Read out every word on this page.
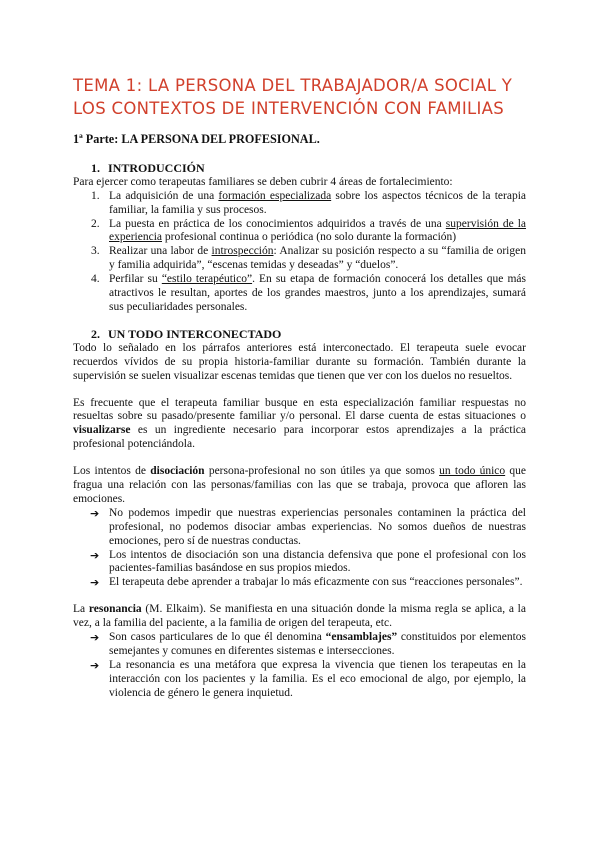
TEMA 1: LA PERSONA DEL TRABAJADOR/A SOCIAL Y LOS CONTEXTOS DE INTERVENCIÓN CON FAMILIAS
1ª Parte: LA PERSONA DEL PROFESIONAL.
1. INTRODUCCIÓN

Para ejercer como terapeutas familiares se deben cubrir 4 áreas de fortalecimiento:

1. La adquisición de una formación especializada sobre los aspectos técnicos de la terapia familiar, la familia y sus procesos.
2. La puesta en práctica de los conocimientos adquiridos a través de una supervisión de la experiencia profesional continua o periódica (no solo durante la formación)
3. Realizar una labor de introspección: Analizar su posición respecto a su “familia de origen y familia adquirida”, “escenas temidas y deseadas” y “duelos”.
4. Perfilar su “estilo terapéutico”. En su etapa de formación conocerá los detalles que más atractivos le resultan, aportes de los grandes maestros, junto a los aprendizajes, sumará sus peculiaridades personales.
2. UN TODO INTERCONECTADO

Todo lo señalado en los párrafos anteriores está interconectado. El terapeuta suele evocar recuerdos vívidos de su propia historia-familiar durante su formación. También durante la supervisión se suelen visualizar escenas temidas que tienen que ver con los duelos no resueltos.

Es frecuente que el terapeuta familiar busque en esta especialización familiar respuestas no resueltas sobre su pasado/presente familiar y/o personal. El darse cuenta de estas situaciones o visualizarse es un ingrediente necesario para incorporar estos aprendizajes a la práctica profesional potenciándola.

Los intentos de disociación persona-profesional no son útiles ya que somos un todo único que fragua una relación con las personas/familias con las que se trabaja, provoca que afloren las emociones.

➔ No podemos impedir que nuestras experiencias personales contaminen la práctica del profesional, no podemos disociar ambas experiencias. No somos dueños de nuestras emociones, pero sí de nuestras conductas.
➔ Los intentos de disociación son una distancia defensiva que pone el profesional con los pacientes-familias basándose en sus propios miedos.
➔ El terapeuta debe aprender a trabajar lo más eficazmente con sus “reacciones personales”.

La resonancia (M. Elkaim). Se manifiesta en una situación donde la misma regla se aplica, a la vez, a la familia del paciente, a la familia de origen del terapeuta, etc.

➔ Son casos particulares de lo que él denomina “ensamblajes” constituidos por elementos semejantes y comunes en diferentes sistemas e intersecciones.
➔ La resonancia es una metáfora que expresa la vivencia que tienen los terapeutas en la interacción con los pacientes y la familia. Es el eco emocional de algo, por ejemplo, la violencia de género le genera inquietud.
